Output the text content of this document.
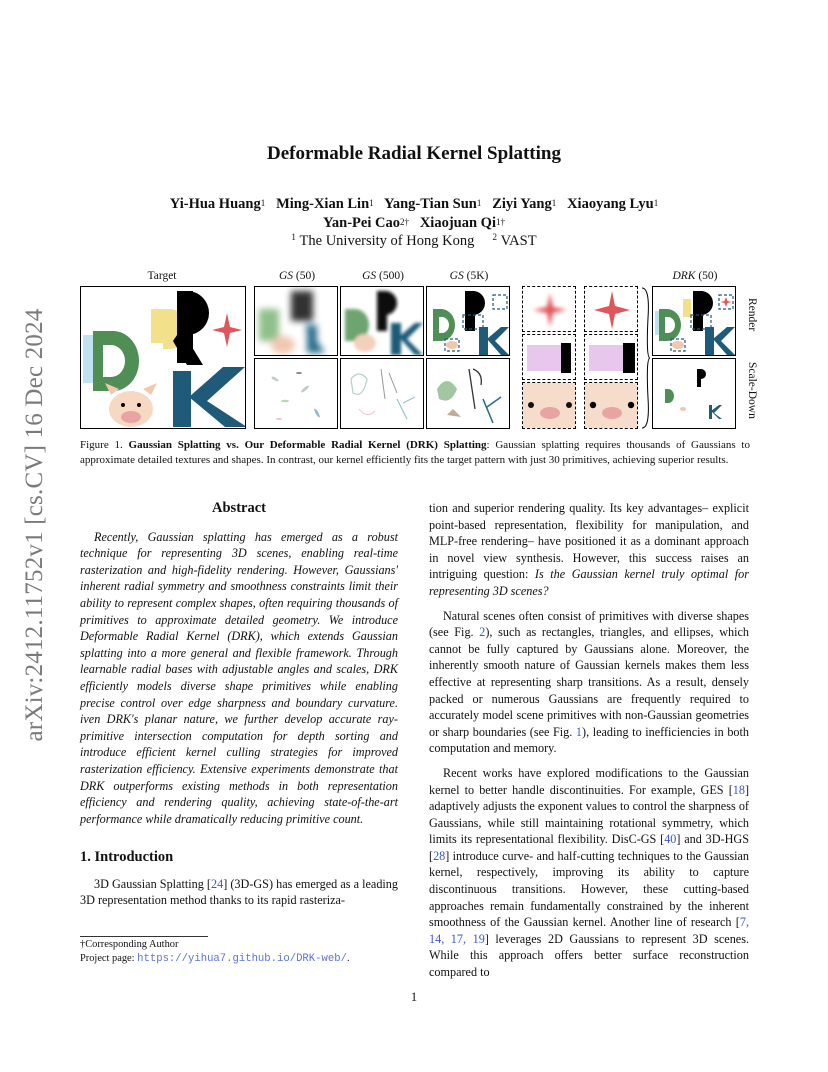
arXiv:2412.11752v1 [cs.CV] 16 Dec 2024
Deformable Radial Kernel Splatting
Yi-Hua Huang$^1$ Ming-Xian Lin$^1$ Yang-Tian Sun$^1$ Ziyi Yang$^1$ Xiaoyang Lyu$^1$
Yan-Pei Cao$^{2\dagger}$ Xiaojuan $Qi^{1\dagger}$
$^1$ The University of Hong Kong $^2$ VAST
Target	GS (50)	GS (500)	GS (5K)	DRK (50)
Render
Scale-Down
Figure 1. Gaussian Splatting vs. Our Deformable Radial Kernel (DRK) Splatting: Gaussian splatting requires thousands of Gaussians to approximate detailed textures and shapes. In contrast, our kernel efficiently fits the target pattern with just 30 primitives, achieving superior results.
Abstract

Recently, Gaussian splatting has emerged as a robust technique for representing 3D scenes, enabling real-time rasterization and high-fidelity rendering. However, Gaussians' inherent radial symmetry and smoothness constraints limit their ability to represent complex shapes, often requiring thousands of primitives to approximate detailed geometry. We introduce Deformable Radial Kernel (DRK), which extends Gaussian splatting into a more general and flexible framework. Through learnable radial bases with adjustable angles and scales, DRK efficiently models diverse shape primitives while enabling precise control over edge sharpness and boundary curvature. iven DRK's planar nature, we further develop accurate ray-primitive intersection computation for depth sorting and introduce efficient kernel culling strategies for improved rasterization efficiency. Extensive experiments demonstrate that DRK outperforms existing methods in both representation efficiency and rendering quality, achieving state-of-the-art performance while dramatically reducing primitive count.

1. Introduction

3D Gaussian Splatting [24] (3D-GS) has emerged as a leading 3D representation method thanks to its rapid rasteriza-

†Corresponding Author
Project page: https://yihua7.github.io/DRK-web/.

tion and superior rendering quality. Its key advantages– explicit point-based representation, flexibility for manipulation, and MLP-free rendering– have positioned it as a dominant approach in novel view synthesis. However, this success raises an intriguing question: Is the Gaussian kernel truly optimal for representing 3D scenes?

Natural scenes often consist of primitives with diverse shapes (see Fig. 2), such as rectangles, triangles, and ellipses, which cannot be fully captured by Gaussians alone. Moreover, the inherently smooth nature of Gaussian kernels makes them less effective at representing sharp transitions. As a result, densely packed or numerous Gaussians are frequently required to accurately model scene primitives with non-Gaussian geometries or sharp boundaries (see Fig. 1), leading to inefficiencies in both computation and memory.

Recent works have explored modifications to the Gaussian kernel to better handle discontinuities. For example, GES [18] adaptively adjusts the exponent values to control the sharpness of Gaussians, while still maintaining rotational symmetry, which limits its representational flexibility. DisC-GS [40] and 3D-HGS [28] introduce curve- and half-cutting techniques to the Gaussian kernel, respectively, improving its ability to capture discontinuous transitions. However, these cutting-based approaches remain fundamentally constrained by the inherent smoothness of the Gaussian kernel. Another line of research [7, 14, 17, 19] leverages 2D Gaussians to represent 3D scenes. While this approach offers better surface reconstruction compared to

1
